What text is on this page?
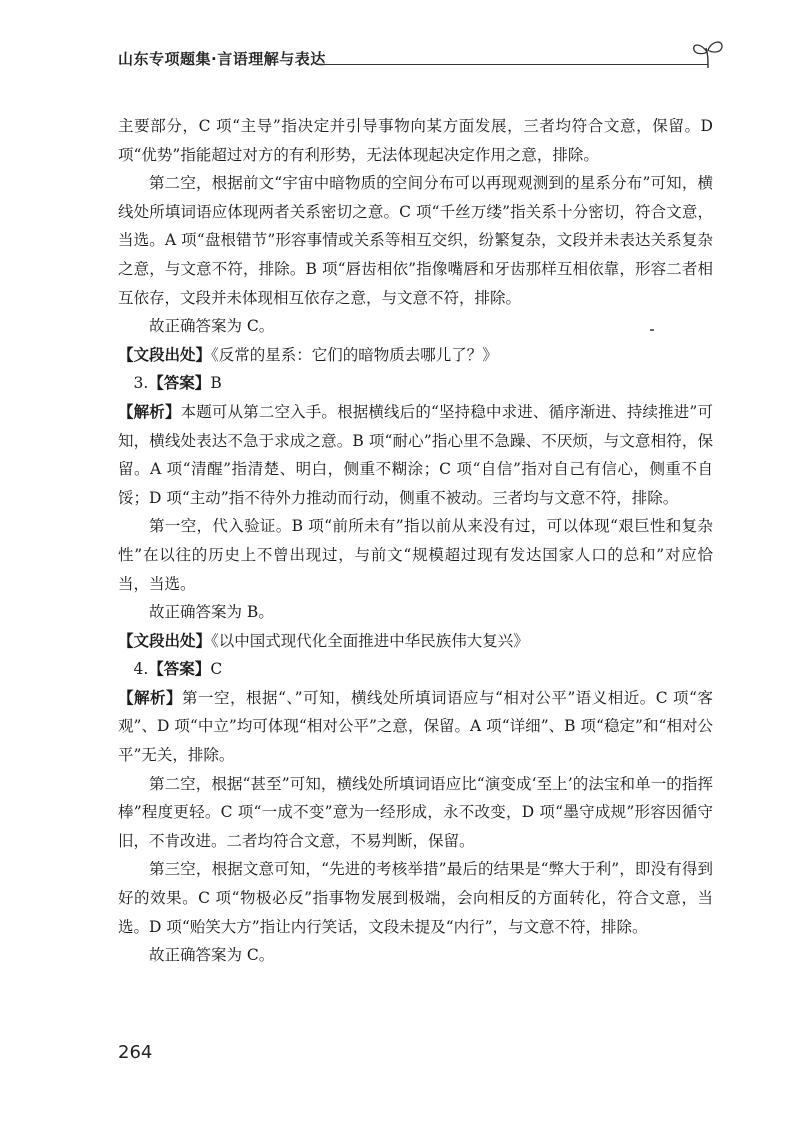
山东专项题集·言语理解与表达

主要部分，C 项“主导”指决定并引导事物向某方面发展，三者均符合文意，保留。D 项“优势”指能超过对方的有利形势，无法体现起决定作用之意，排除。

第二空，根据前文“宇宙中暗物质的空间分布可以再现观测到的星系分布”可知，横线处所填词语应体现两者关系密切之意。C 项“千丝万缕”指关系十分密切，符合文意，当选。A 项“盘根错节”形容事情或关系等相互交织，纷繁复杂，文段并未表达关系复杂之意，与文意不符，排除。B 项“唇齿相依”指像嘴唇和牙齿那样互相依靠，形容二者相互依存，文段并未体现相互依存之意，与文意不符，排除。

故正确答案为 C。

【文段出处】《反常的星系：它们的暗物质去哪儿了？》

3.【答案】B

【解析】本题可从第二空入手。根据横线后的“坚持稳中求进、循序渐进、持续推进”可知，横线处表达不急于求成之意。B 项“耐心”指心里不急躁、不厌烦，与文意相符，保留。A 项“清醒”指清楚、明白，侧重不糊涂；C 项“自信”指对自己有信心，侧重不自馁；D 项“主动”指不待外力推动而行动，侧重不被动。三者均与文意不符，排除。

第一空，代入验证。B 项“前所未有”指以前从来没有过，可以体现“艰巨性和复杂性”在以往的历史上不曾出现过，与前文“规模超过现有发达国家人口的总和”对应恰当，当选。

故正确答案为 B。

【文段出处】《以中国式现代化全面推进中华民族伟大复兴》

4.【答案】C

【解析】第一空，根据“、”可知，横线处所填词语应与“相对公平”语义相近。C 项“客观”、D 项“中立”均可体现“相对公平”之意，保留。A 项“详细”、B 项“稳定”和“相对公平”无关，排除。

第二空，根据“甚至”可知，横线处所填词语应比“演变成‘至上’的法宝和单一的指挥棒”程度更轻。C 项“一成不变”意为一经形成，永不改变，D 项“墨守成规”形容因循守旧，不肯改进。二者均符合文意，不易判断，保留。

第三空，根据文意可知，“先进的考核举措”最后的结果是“弊大于利”，即没有得到好的效果。C 项“物极必反”指事物发展到极端，会向相反的方面转化，符合文意，当选。D 项“贻笑大方”指让内行笑话，文段未提及“内行”，与文意不符，排除。

故正确答案为 C。

264
